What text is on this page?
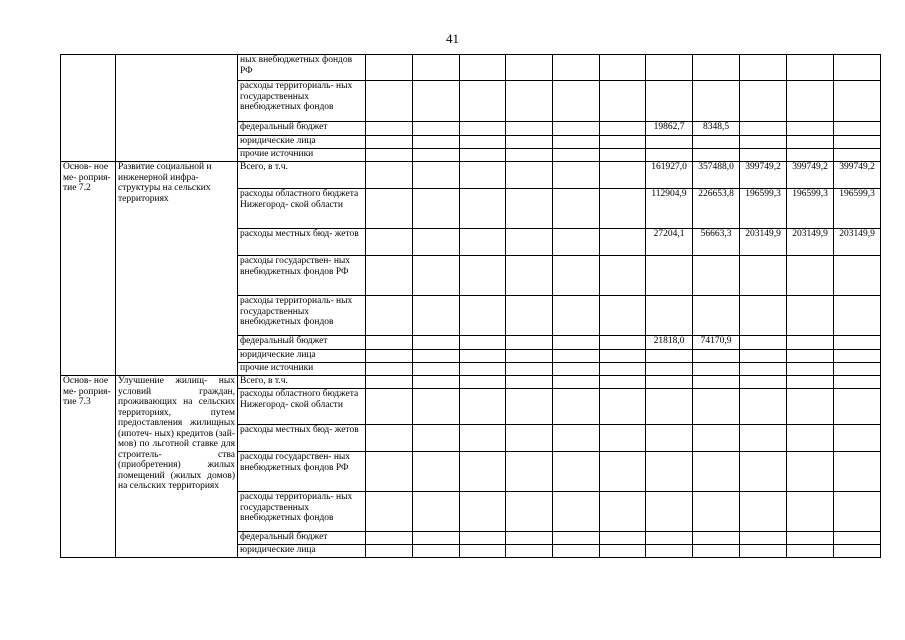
41
		ных внебюджетных фондов РФ												
		расходы территориаль- ных государственных внебюджетных фондов												
		федеральный бюджет							19862,7	8348,5				
		юридические лица												
		прочие источники												
Основ- ное ме- роприя- тие 7.2	Развитие социальной и инженерной инфра- структуры на сельских территориях	Всего, в т.ч.							161927,0	357488,0	399749,2	399749,2	399749,2	
		расходы областного бюджета Нижегород- ской области							112904,9	226653,8	196599,3	196599,3	196599,3	
		расходы местных бюд- жетов							27204,1	56663,3	203149,9	203149,9	203149,9	
		расходы государствен- ных внебюджетных фондов РФ												
		расходы территориаль- ных государственных внебюджетных фондов												
		федеральный бюджет							21818,0	74170,9				
		юридические лица												
		прочие источники												
Основ- ное ме- роприя- тие 7.3	Улучшение жилищ- ных условий граждан, проживающих на сельских территориях, путем предоставления жилищных (ипотеч- ных) кредитов (зай- мов) по льготной ставке для строитель- ства (приобретения) жилых помещений (жилых домов) на сельских территориях	Всего, в т.ч.												
		расходы областного бюджета Нижегород- ской области												
		расходы местных бюд- жетов												
		расходы государствен- ных внебюджетных фондов РФ												
		расходы территориаль- ных государственных внебюджетных фондов												
		федеральный бюджет												
		юридические лица												
